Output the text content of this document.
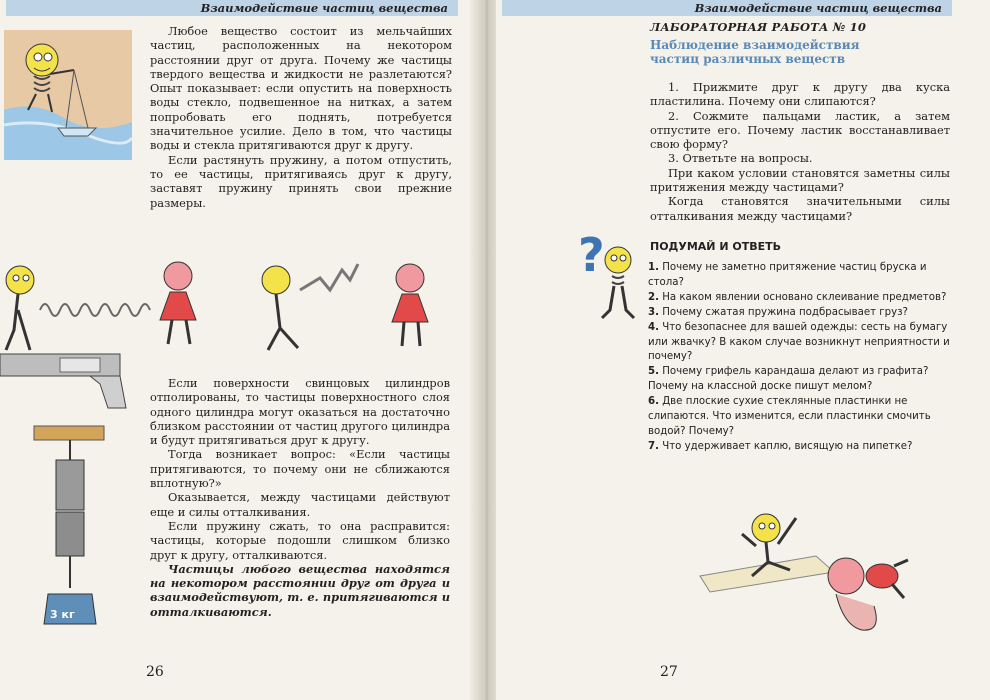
Взаимодействие частиц вещества

Любое вещество состоит из мельчайших частиц, расположенных на некотором расстоянии друг от друга. Почему же частицы твердого вещества и жидкости не разлетаются? Опыт показывает: если опустить на поверхность воды стекло, подвешенное на нитках, а затем попробовать его поднять, потребуется значительное усилие. Дело в том, что частицы воды и стекла притягиваются друг к другу.

Если растянуть пружину, а потом отпустить, то ее частицы, притягиваясь друг к другу, заставят пружину принять свои прежние размеры.

Если поверхности свинцовых цилиндров отполированы, то частицы поверхностного слоя одного цилиндра могут оказаться на достаточно близком расстоянии от частиц другого цилиндра и будут притягиваться друг к другу.

Тогда возникает вопрос: «Если частицы притягиваются, то почему они не сближаются вплотную?»

Оказывается, между частицами действуют еще и силы отталкивания.

Если пружину сжать, то она расправится: частицы, которые подошли слишком близко друг к другу, отталкиваются.

Частицы любого вещества находятся на некотором расстоянии друг от друга и взаимодействуют, т. е. притягиваются и отталкиваются.

3 кг
26
Взаимодействие частиц вещества
ЛАБОРАТОРНАЯ РАБОТА № 10
Наблюдение взаимодействия частиц различных веществ

1. Прижмите друг к другу два куска пластилина. Почему они слипаются?

2. Сожмите пальцами ластик, а затем отпустите его. Почему ластик восстанавливает свою форму?

3. Ответьте на вопросы.

При каком условии становятся заметны силы притяжения между частицами?

Когда становятся значительными силы отталкивания между частицами?

?	ПОДУМАЙ И ОТВЕТЬ
1. Почему не заметно притяжение частиц бруска и стола?
2. На каком явлении основано склеивание предметов?
3. Почему сжатая пружина подбрасывает груз?
4. Что безопаснее для вашей одежды: сесть на бумагу или жвачку? В каком случае возникнут неприятности и почему?
5. Почему грифель карандаша делают из графита? Почему на классной доске пишут мелом?
6. Две плоские сухие стеклянные пластинки не слипаются. Что изменится, если пластинки смочить водой? Почему?
7. Что удерживает каплю, висящую на пипетке?
27
